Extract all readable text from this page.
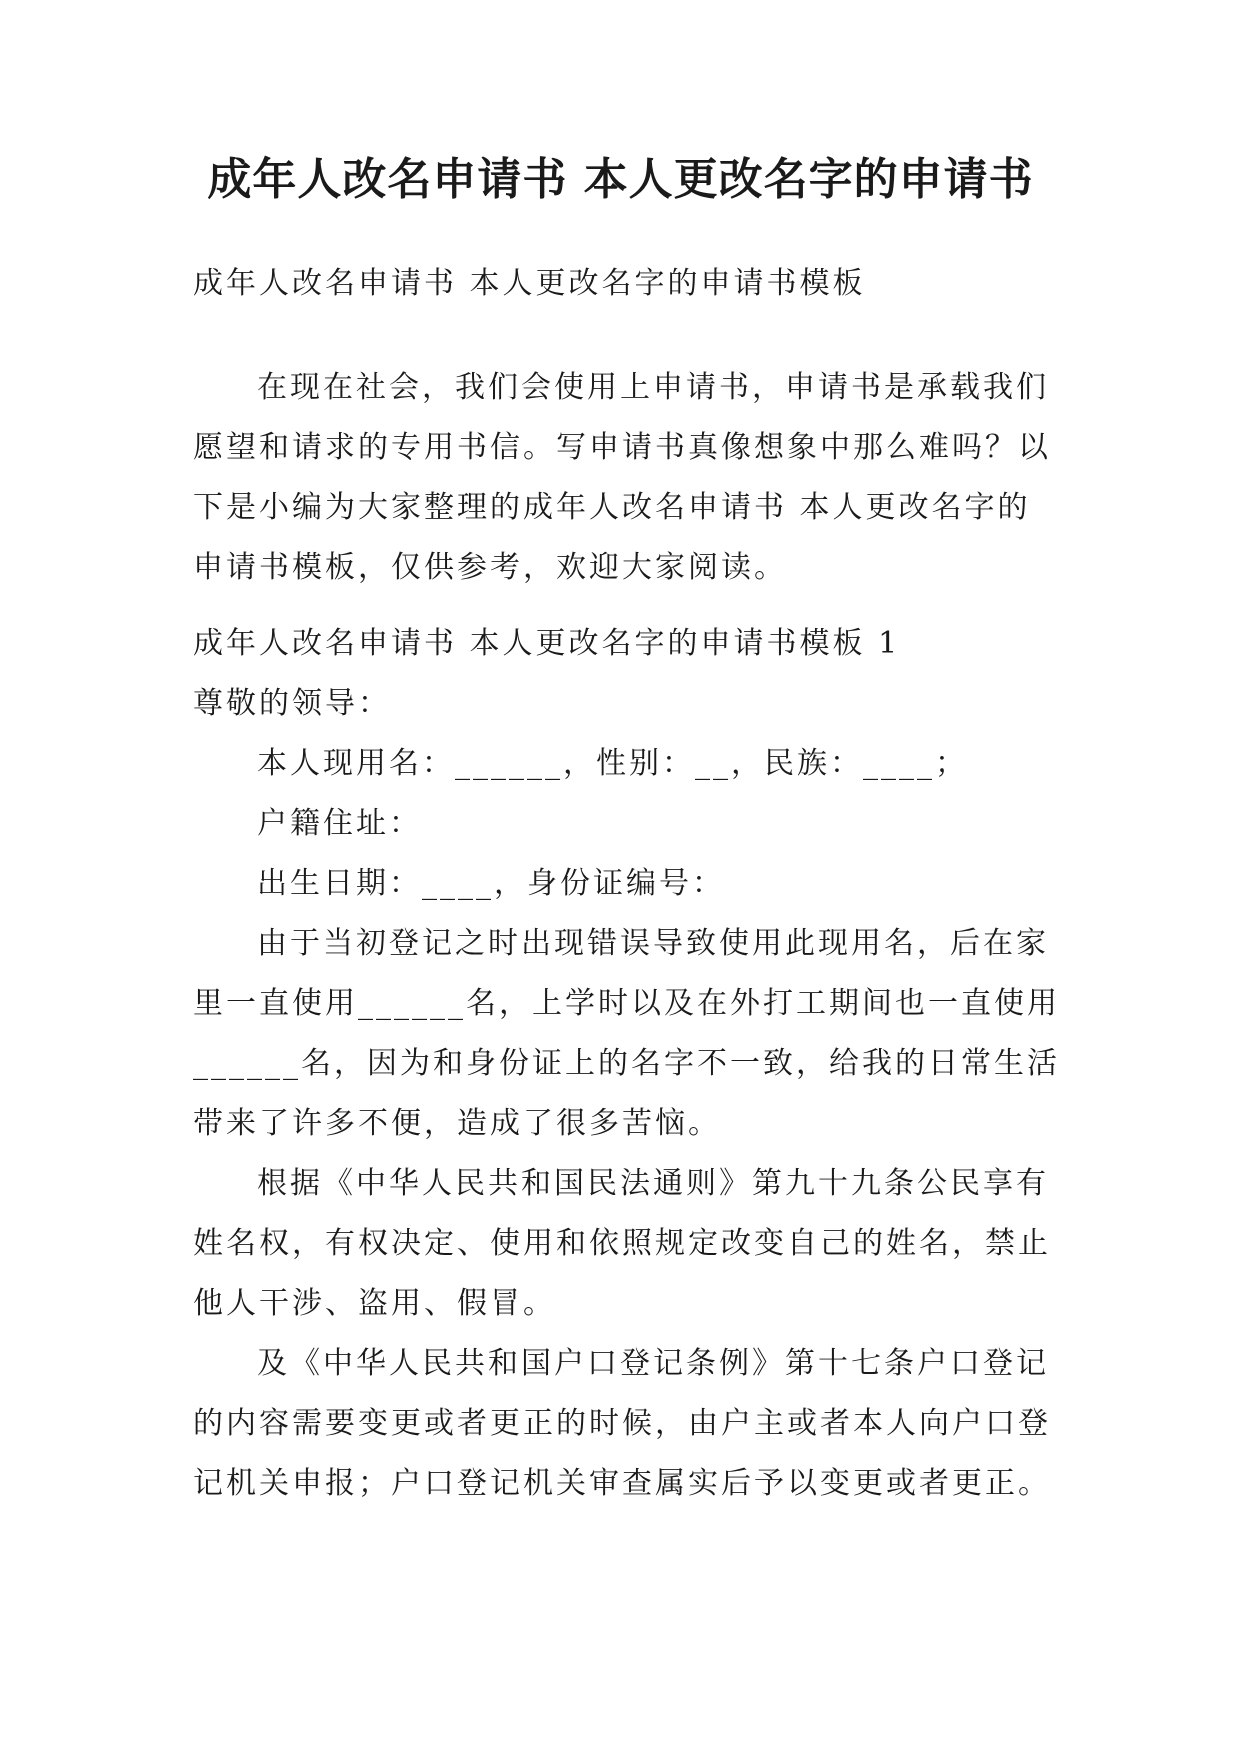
成年人改名申请书 本人更改名字的申请书
成年人改名申请书 本人更改名字的申请书模板
在现在社会，我们会使用上申请书，申请书是承载我们
愿望和请求的专用书信。写申请书真像想象中那么难吗？以
下是小编为大家整理的成年人改名申请书 本人更改名字的
申请书模板，仅供参考，欢迎大家阅读。
成年人改名申请书 本人更改名字的申请书模板 1
尊敬的领导：
本人现用名：______，性别：__，民族：____；
户籍住址：
出生日期：____，身份证编号：
由于当初登记之时出现错误导致使用此现用名，后在家
里一直使用______名，上学时以及在外打工期间也一直使用
______名，因为和身份证上的名字不一致，给我的日常生活
带来了许多不便，造成了很多苦恼。
根据《中华人民共和国民法通则》第九十九条公民享有
姓名权，有权决定、使用和依照规定改变自己的姓名，禁止
他人干涉、盗用、假冒。
及《中华人民共和国户口登记条例》第十七条户口登记
的内容需要变更或者更正的时候，由户主或者本人向户口登
记机关申报；户口登记机关审查属实后予以变更或者更正。
